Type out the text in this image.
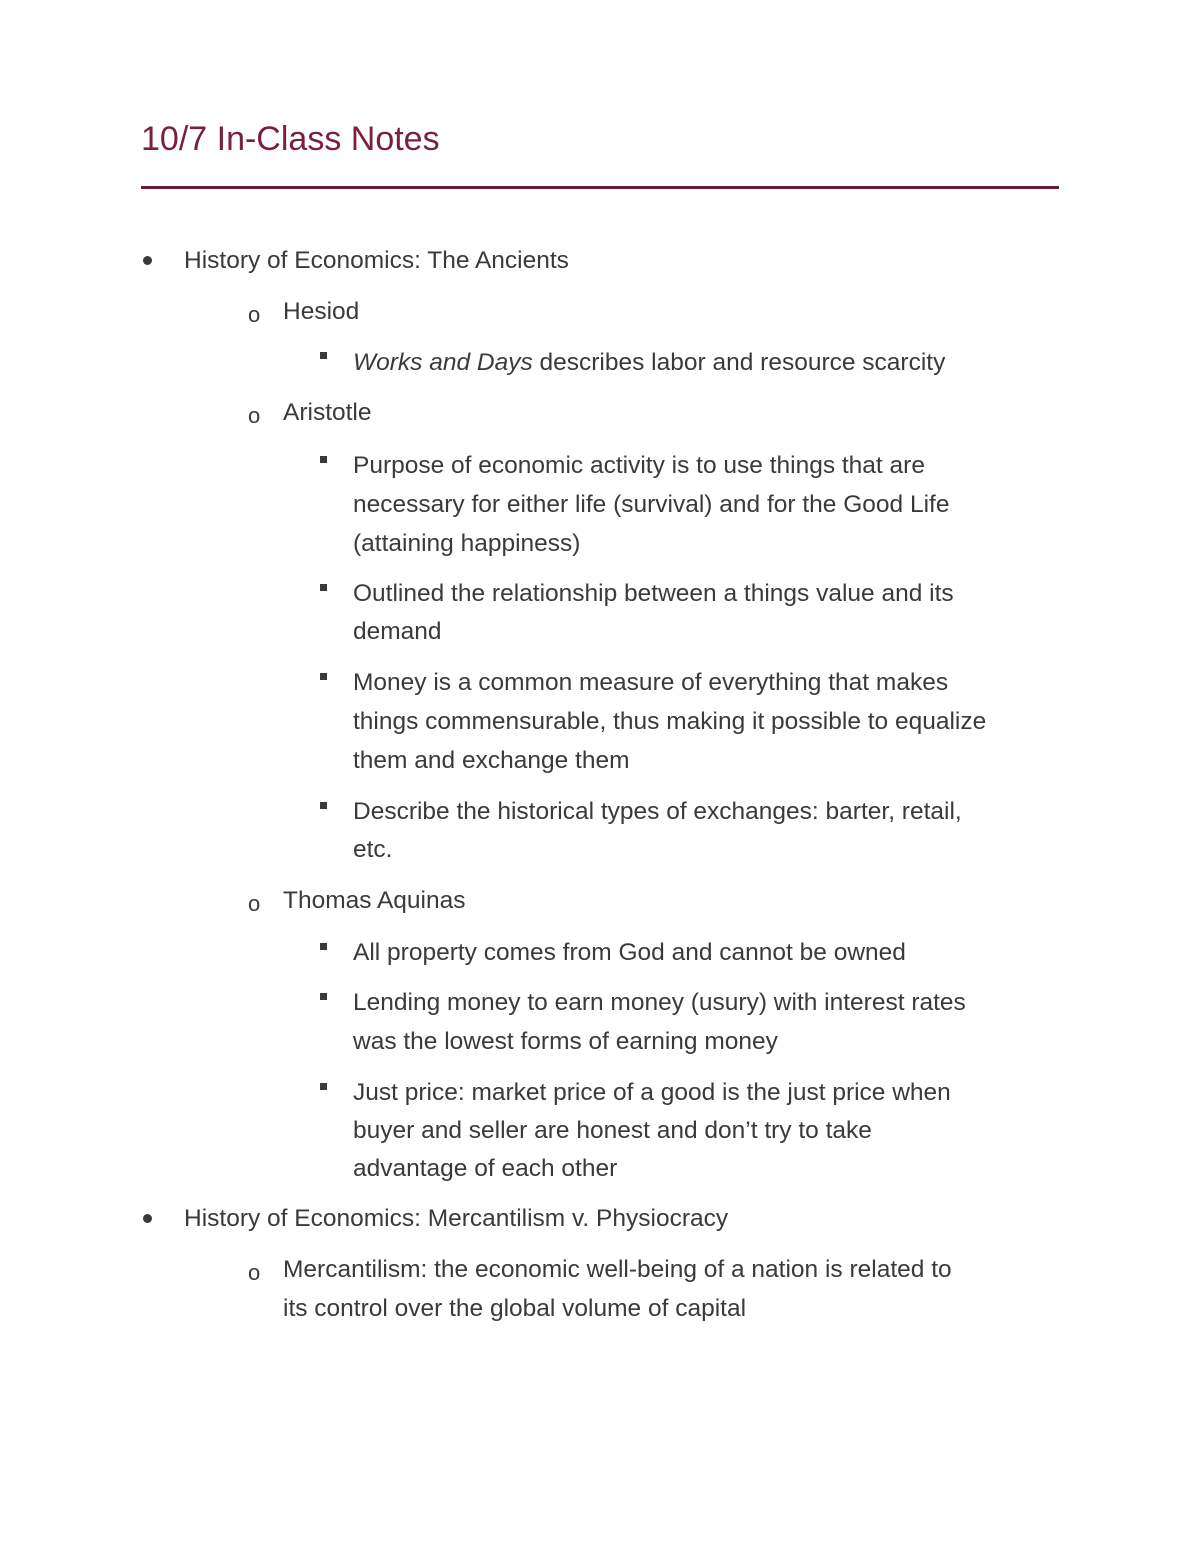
10/7 In-Class Notes
History of Economics: The Ancients
o Hesiod
Works and Days describes labor and resource scarcity
o Aristotle
Purpose of economic activity is to use things that are
necessary for either life (survival) and for the Good Life
(attaining happiness)
Outlined the relationship between a things value and its
demand
Money is a common measure of everything that makes
things commensurable, thus making it possible to equalize
them and exchange them
Describe the historical types of exchanges: barter, retail,
etc.
o Thomas Aquinas
All property comes from God and cannot be owned
Lending money to earn money (usury) with interest rates
was the lowest forms of earning money
Just price: market price of a good is the just price when
buyer and seller are honest and don’t try to take
advantage of each other
History of Economics: Mercantilism v. Physiocracy
o Mercantilism: the economic well-being of a nation is related to
its control over the global volume of capital
